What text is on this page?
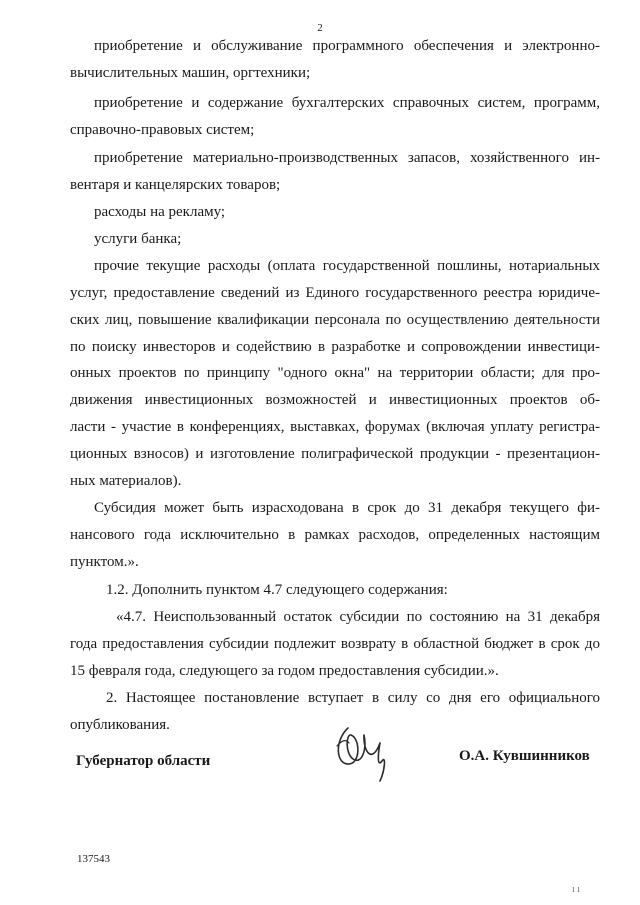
2
приобретение и обслуживание программного обеспечения и электронно-
вычислительных машин, оргтехники;
приобретение и содержание бухгалтерских справочных систем, программ,
справочно-правовых систем;
приобретение материально-производственных запасов, хозяйственного ин-
вентаря и канцелярских товаров;
расходы на рекламу;
услуги банка;
прочие текущие расходы (оплата государственной пошлины, нотариальных
услуг, предоставление сведений из Единого государственного реестра юридиче-
ских лиц, повышение квалификации персонала по осуществлению деятельности
по поиску инвесторов и содействию в разработке и сопровождении инвестици-
онных проектов по принципу "одного окна" на территории области; для про-
движения инвестиционных возможностей и инвестиционных проектов об-
ласти - участие в конференциях, выставках, форумах (включая уплату регистра-
ционных взносов) и изготовление полиграфической продукции - презентацион-
ных материалов).
Субсидия может быть израсходована в срок до 31 декабря текущего фи-
нансового года исключительно в рамках расходов, определенных настоящим
пунктом.».
1.2. Дополнить пунктом 4.7 следующего содержания:
«4.7. Неиспользованный остаток субсидии по состоянию на 31 декабря
года предоставления субсидии подлежит возврату в областной бюджет в срок до
15 февраля года, следующего за годом предоставления субсидии.».
2. Настоящее постановление вступает в силу со дня его официального
опубликования.
Губернатор области	О.А. Кувшинников
137543
ı ı
